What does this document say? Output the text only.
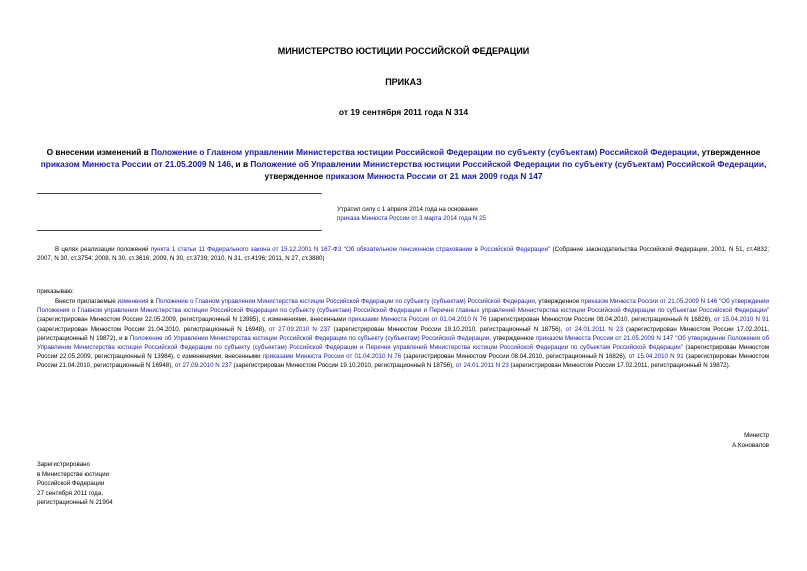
МИНИСТЕРСТВО ЮСТИЦИИ РОССИЙСКОЙ ФЕДЕРАЦИИ
ПРИКАЗ
от 19 сентября 2011 года N 314
О внесении изменений в Положение о Главном управлении Министерства юстиции Российской Федерации по субъекту (субъектам) Российской Федерации, утвержденное приказом Минюста России от 21.05.2009 N 146, и в Положение об Управлении Министерства юстиции Российской Федерации по субъекту (субъектам) Российской Федерации, утвержденное приказом Минюста России от 21 мая 2009 года N 147
Утратил силу с 1 апреля 2014 года на основании
приказа Минюста России от 3 марта 2014 года N 25
В целях реализации положений пункта 1 статьи 11 Федерального закона от 15.12.2001 N 167-ФЗ "Об обязательном пенсионном страховании в Российской Федерации" (Собрание законодательства Российской Федерации, 2001, N 51, ст.4832; 2007, N 30, ст.3754; 2008, N 30, ст.3616; 2009, N 30, ст.3739; 2010, N 31, ст.4196; 2011, N 27, ст.3880)
приказываю:
Внести прилагаемые изменения в Положение о Главном управлении Министерства юстиции Российской Федерации по субъекту (субъектам) Российской Федерации, утвержденное приказом Минюста России от 21.05.2009 N 146 "Об утверждении Положения о Главном управлении Министерства юстиции Российской Федерации по субъекту (субъектам) Российской Федерации и Перечня главных управлений Министерства юстиции Российской Федерации по субъектам Российской Федерации" (зарегистрирован Минюстом России 22.05.2009, регистрационный N 13985), с изменениями, внесенными приказами Минюста России от 01.04.2010 N 76 (зарегистрирован Минюстом России 08.04.2010, регистрационный N 16826), от 15.04.2010 N 91 (зарегистрирован Минюстом России 21.04.2010, регистрационный N 16948), от 27.09.2010 N 237 (зарегистрирован Минюстом России 19.10.2010, регистрационный N 18756), от 24.01.2011 N 23 (зарегистрирован Минюстом России 17.02.2011, регистрационный N 19872), и в Положение об Управлении Министерства юстиции Российской Федерации по субъекту (субъектам) Российской Федерации, утвержденное приказом Минюста России от 21.05.2009 N 147 "Об утверждении Положения об Управлении Министерства юстиции Российской Федерации по субъекту (субъектам) Российской Федерации и Перечня управлений Министерства юстиции Российской Федерации по субъектам Российской Федерации" (зарегистрирован Минюстом России 22.05.2009, регистрационный N 13984), с изменениями, внесенными приказами Минюста России от 01.04.2010 N 76 (зарегистрирован Минюстом России 08.04.2010, регистрационный N 16826), от 15.04.2010 N 91 (зарегистрирован Минюстом России 21.04.2010, регистрационный N 16948), от 27.09.2010 N 237 (зарегистрирован Минюстом России 19.10.2010, регистрационный N 18756), от 24.01.2011 N 23 (зарегистрирован Минюстом России 17.02.2011, регистрационный N 19872).
Министр
А.Коновалов
Зарегистрировано
в Министерстве юстиции
Российской Федерации
27 сентября 2011 года,
регистрационный N 21904
